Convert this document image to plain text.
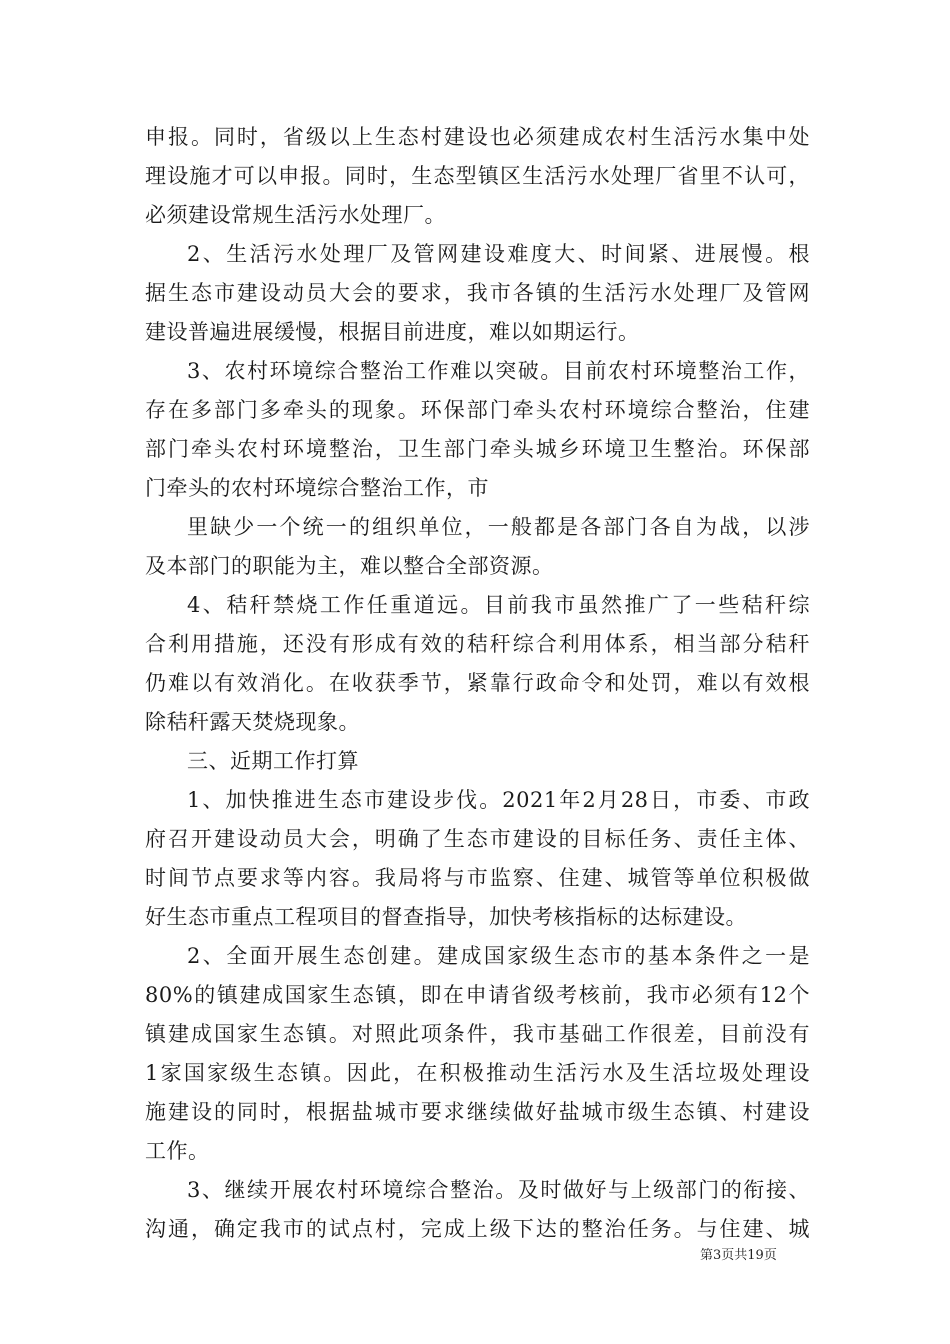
申报。同时，省级以上生态村建设也必须建成农村生活污水集中处
理设施才可以申报。同时，生态型镇区生活污水处理厂省里不认可，
必须建设常规生活污水处理厂。
2、生活污水处理厂及管网建设难度大、时间紧、进展慢。根
据生态市建设动员大会的要求，我市各镇的生活污水处理厂及管网
建设普遍进展缓慢，根据目前进度，难以如期运行。
3、农村环境综合整治工作难以突破。目前农村环境整治工作，
存在多部门多牵头的现象。环保部门牵头农村环境综合整治，住建
部门牵头农村环境整治，卫生部门牵头城乡环境卫生整治。环保部
门牵头的农村环境综合整治工作，市
里缺少一个统一的组织单位，一般都是各部门各自为战，以涉
及本部门的职能为主，难以整合全部资源。
4、秸秆禁烧工作任重道远。目前我市虽然推广了一些秸秆综
合利用措施，还没有形成有效的秸秆综合利用体系，相当部分秸秆
仍难以有效消化。在收获季节，紧靠行政命令和处罚，难以有效根
除秸秆露天焚烧现象。
三、近期工作打算
1、加快推进生态市建设步伐。2021年2月28日，市委、市政
府召开建设动员大会，明确了生态市建设的目标任务、责任主体、
时间节点要求等内容。我局将与市监察、住建、城管等单位积极做
好生态市重点工程项目的督查指导，加快考核指标的达标建设。
2、全面开展生态创建。建成国家级生态市的基本条件之一是
80%的镇建成国家生态镇，即在申请省级考核前，我市必须有12个
镇建成国家生态镇。对照此项条件，我市基础工作很差，目前没有
1家国家级生态镇。因此，在积极推动生活污水及生活垃圾处理设
施建设的同时，根据盐城市要求继续做好盐城市级生态镇、村建设
工作。
3、继续开展农村环境综合整治。及时做好与上级部门的衔接、
沟通，确定我市的试点村，完成上级下达的整治任务。与住建、城
第3页共19页
